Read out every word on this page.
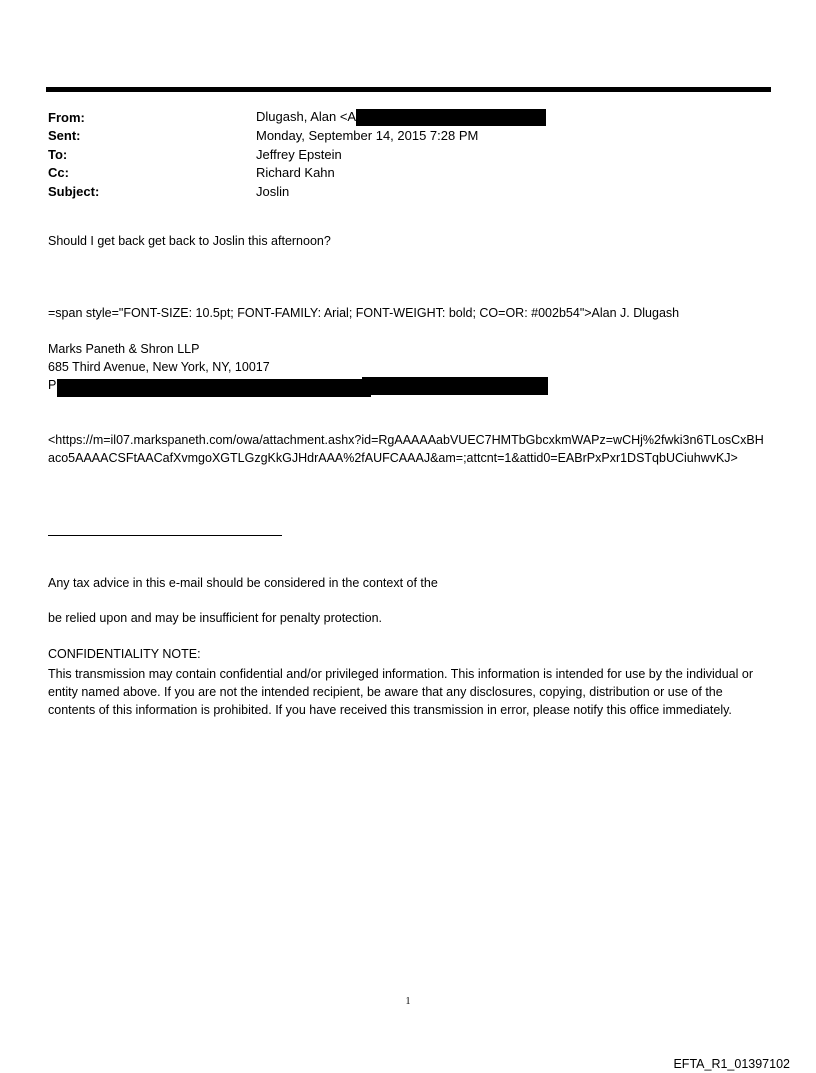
From:	Dlugash, Alan <A
Sent:	Monday, September 14, 2015 7:28 PM
To:	Jeffrey Epstein
Cc:	Richard Kahn
Subject:	Joslin
Should I get back get back to Joslin this afternoon?
=span style="FONT-SIZE: 10.5pt; FONT-FAMILY: Arial; FONT-WEIGHT: bold; CO=OR: #002b54">Alan J. Dlugash
Marks Paneth & Shron LLP
685 Third Avenue, New York, NY, 10017
P
<https://m=il07.markspaneth.com/owa/attachment.ashx?id=RgAAAAAabVUEC7HMTbGbcxkmWAPz=wCHj%2fwki3n6TLosCxBHaco5AAAACSFtAACafXvmgoXGTLGzgKkGJHdrAAA%2fAUFCAAAJ&am=;attcnt=1&attid0=EABrPxPxr1DSTqbUCiuhwvKJ>
Any tax advice in this e-mail should be considered in the context of the
be relied upon and may be insufficient for penalty protection.
CONFIDENTIALITY NOTE:
This transmission may contain confidential and/or privileged information. This information is intended for use by the individual or entity named above. If you are not the intended recipient, be aware that any disclosures, copying, distribution or use of the contents of this information is prohibited. If you have received this transmission in error, please notify this office immediately.
1
EFTA_R1_01397102
